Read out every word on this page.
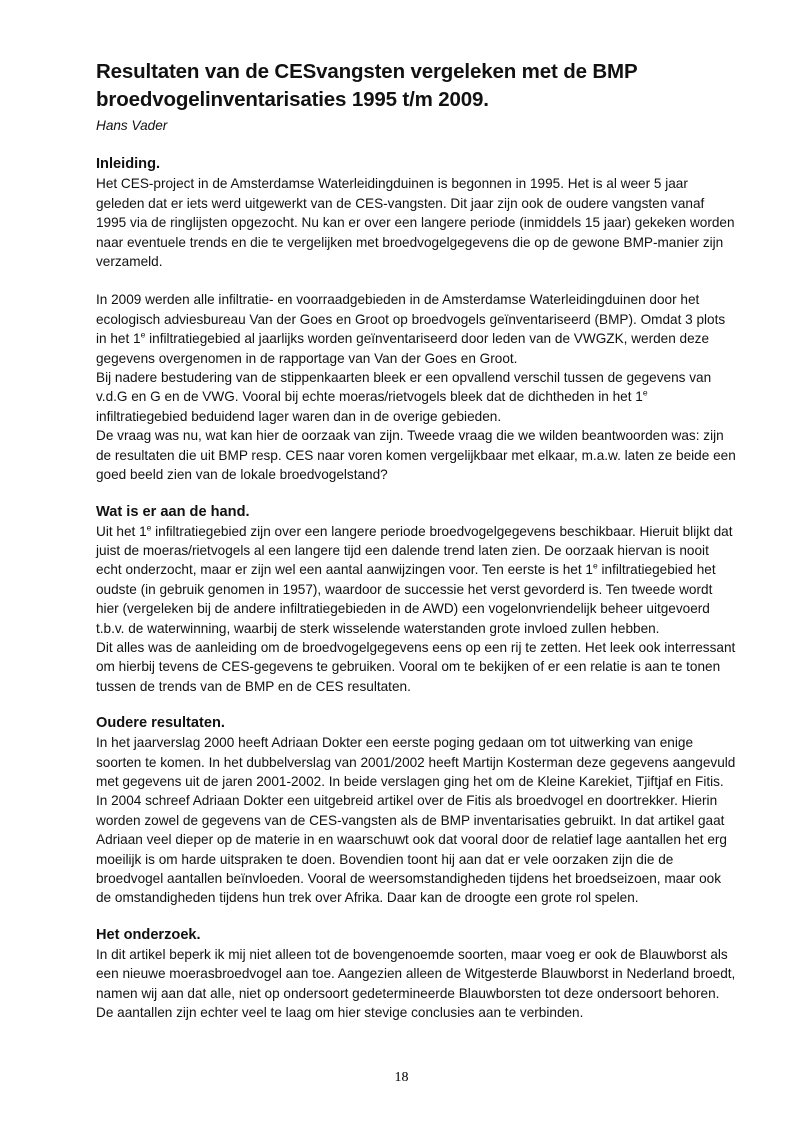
Resultaten van de CESvangsten vergeleken met de BMP broedvogelinventarisaties 1995 t/m 2009.

Hans Vader

Inleiding.

Het CES-project in de Amsterdamse Waterleidingduinen is begonnen in 1995. Het is al weer 5 jaar geleden dat er iets werd uitgewerkt van de CES-vangsten. Dit jaar zijn ook de oudere vangsten vanaf 1995 via de ringlijsten opgezocht. Nu kan er over een langere periode (inmiddels 15 jaar) gekeken worden naar eventuele trends en die te vergelijken met broedvogelgegevens die op de gewone BMP-manier zijn verzameld.

In 2009 werden alle infiltratie- en voorraadgebieden in de Amsterdamse Waterleidingduinen door het ecologisch adviesbureau Van der Goes en Groot op broedvogels geïnventariseerd (BMP). Omdat 3 plots in het 1e infiltratiegebied al jaarlijks worden geïnventariseerd door leden van de VWGZK, werden deze gegevens overgenomen in de rapportage van Van der Goes en Groot.

Bij nadere bestudering van de stippenkaarten bleek er een opvallend verschil tussen de gegevens van v.d.G en G en de VWG. Vooral bij echte moeras/rietvogels bleek dat de dichtheden in het 1e infiltratiegebied beduidend lager waren dan in de overige gebieden.

De vraag was nu, wat kan hier de oorzaak van zijn. Tweede vraag die we wilden beantwoorden was: zijn de resultaten die uit BMP resp. CES naar voren komen vergelijkbaar met elkaar, m.a.w. laten ze beide een goed beeld zien van de lokale broedvogelstand?

Wat is er aan de hand.

Uit het 1e infiltratiegebied zijn over een langere periode broedvogelgegevens beschikbaar. Hieruit blijkt dat juist de moeras/rietvogels al een langere tijd een dalende trend laten zien. De oorzaak hiervan is nooit echt onderzocht, maar er zijn wel een aantal aanwijzingen voor. Ten eerste is het 1e infiltratiegebied het oudste (in gebruik genomen in 1957), waardoor de successie het verst gevorderd is. Ten tweede wordt hier (vergeleken bij de andere infiltratiegebieden in de AWD) een vogelonvriendelijk beheer uitgevoerd t.b.v. de waterwinning, waarbij de sterk wisselende waterstanden grote invloed zullen hebben.

Dit alles was de aanleiding om de broedvogelgegevens eens op een rij te zetten. Het leek ook interressant om hierbij tevens de CES-gegevens te gebruiken. Vooral om te bekijken of er een relatie is aan te tonen tussen de trends van de BMP en de CES resultaten.

Oudere resultaten.

In het jaarverslag 2000 heeft Adriaan Dokter een eerste poging gedaan om tot uitwerking van enige soorten te komen. In het dubbelverslag van 2001/2002 heeft Martijn Kosterman deze gegevens aangevuld met gegevens uit de jaren 2001-2002. In beide verslagen ging het om de Kleine Karekiet, Tjiftjaf en Fitis.

In 2004 schreef Adriaan Dokter een uitgebreid artikel over de Fitis als broedvogel en doortrekker. Hierin worden zowel de gegevens van de CES-vangsten als de BMP inventarisaties gebruikt. In dat artikel gaat Adriaan veel dieper op de materie in en waarschuwt ook dat vooral door de relatief lage aantallen het erg moeilijk is om harde uitspraken te doen. Bovendien toont hij aan dat er vele oorzaken zijn die de broedvogel aantallen beïnvloeden. Vooral de weersomstandigheden tijdens het broedseizoen, maar ook de omstandigheden tijdens hun trek over Afrika. Daar kan de droogte een grote rol spelen.

Het onderzoek.

In dit artikel beperk ik mij niet alleen tot de bovengenoemde soorten, maar voeg er ook de Blauwborst als een nieuwe moerasbroedvogel aan toe. Aangezien alleen de Witgesterde Blauwborst in Nederland broedt, namen wij aan dat alle, niet op ondersoort gedetermineerde Blauwborsten tot deze ondersoort behoren. De aantallen zijn echter veel te laag om hier stevige conclusies aan te verbinden.

18
